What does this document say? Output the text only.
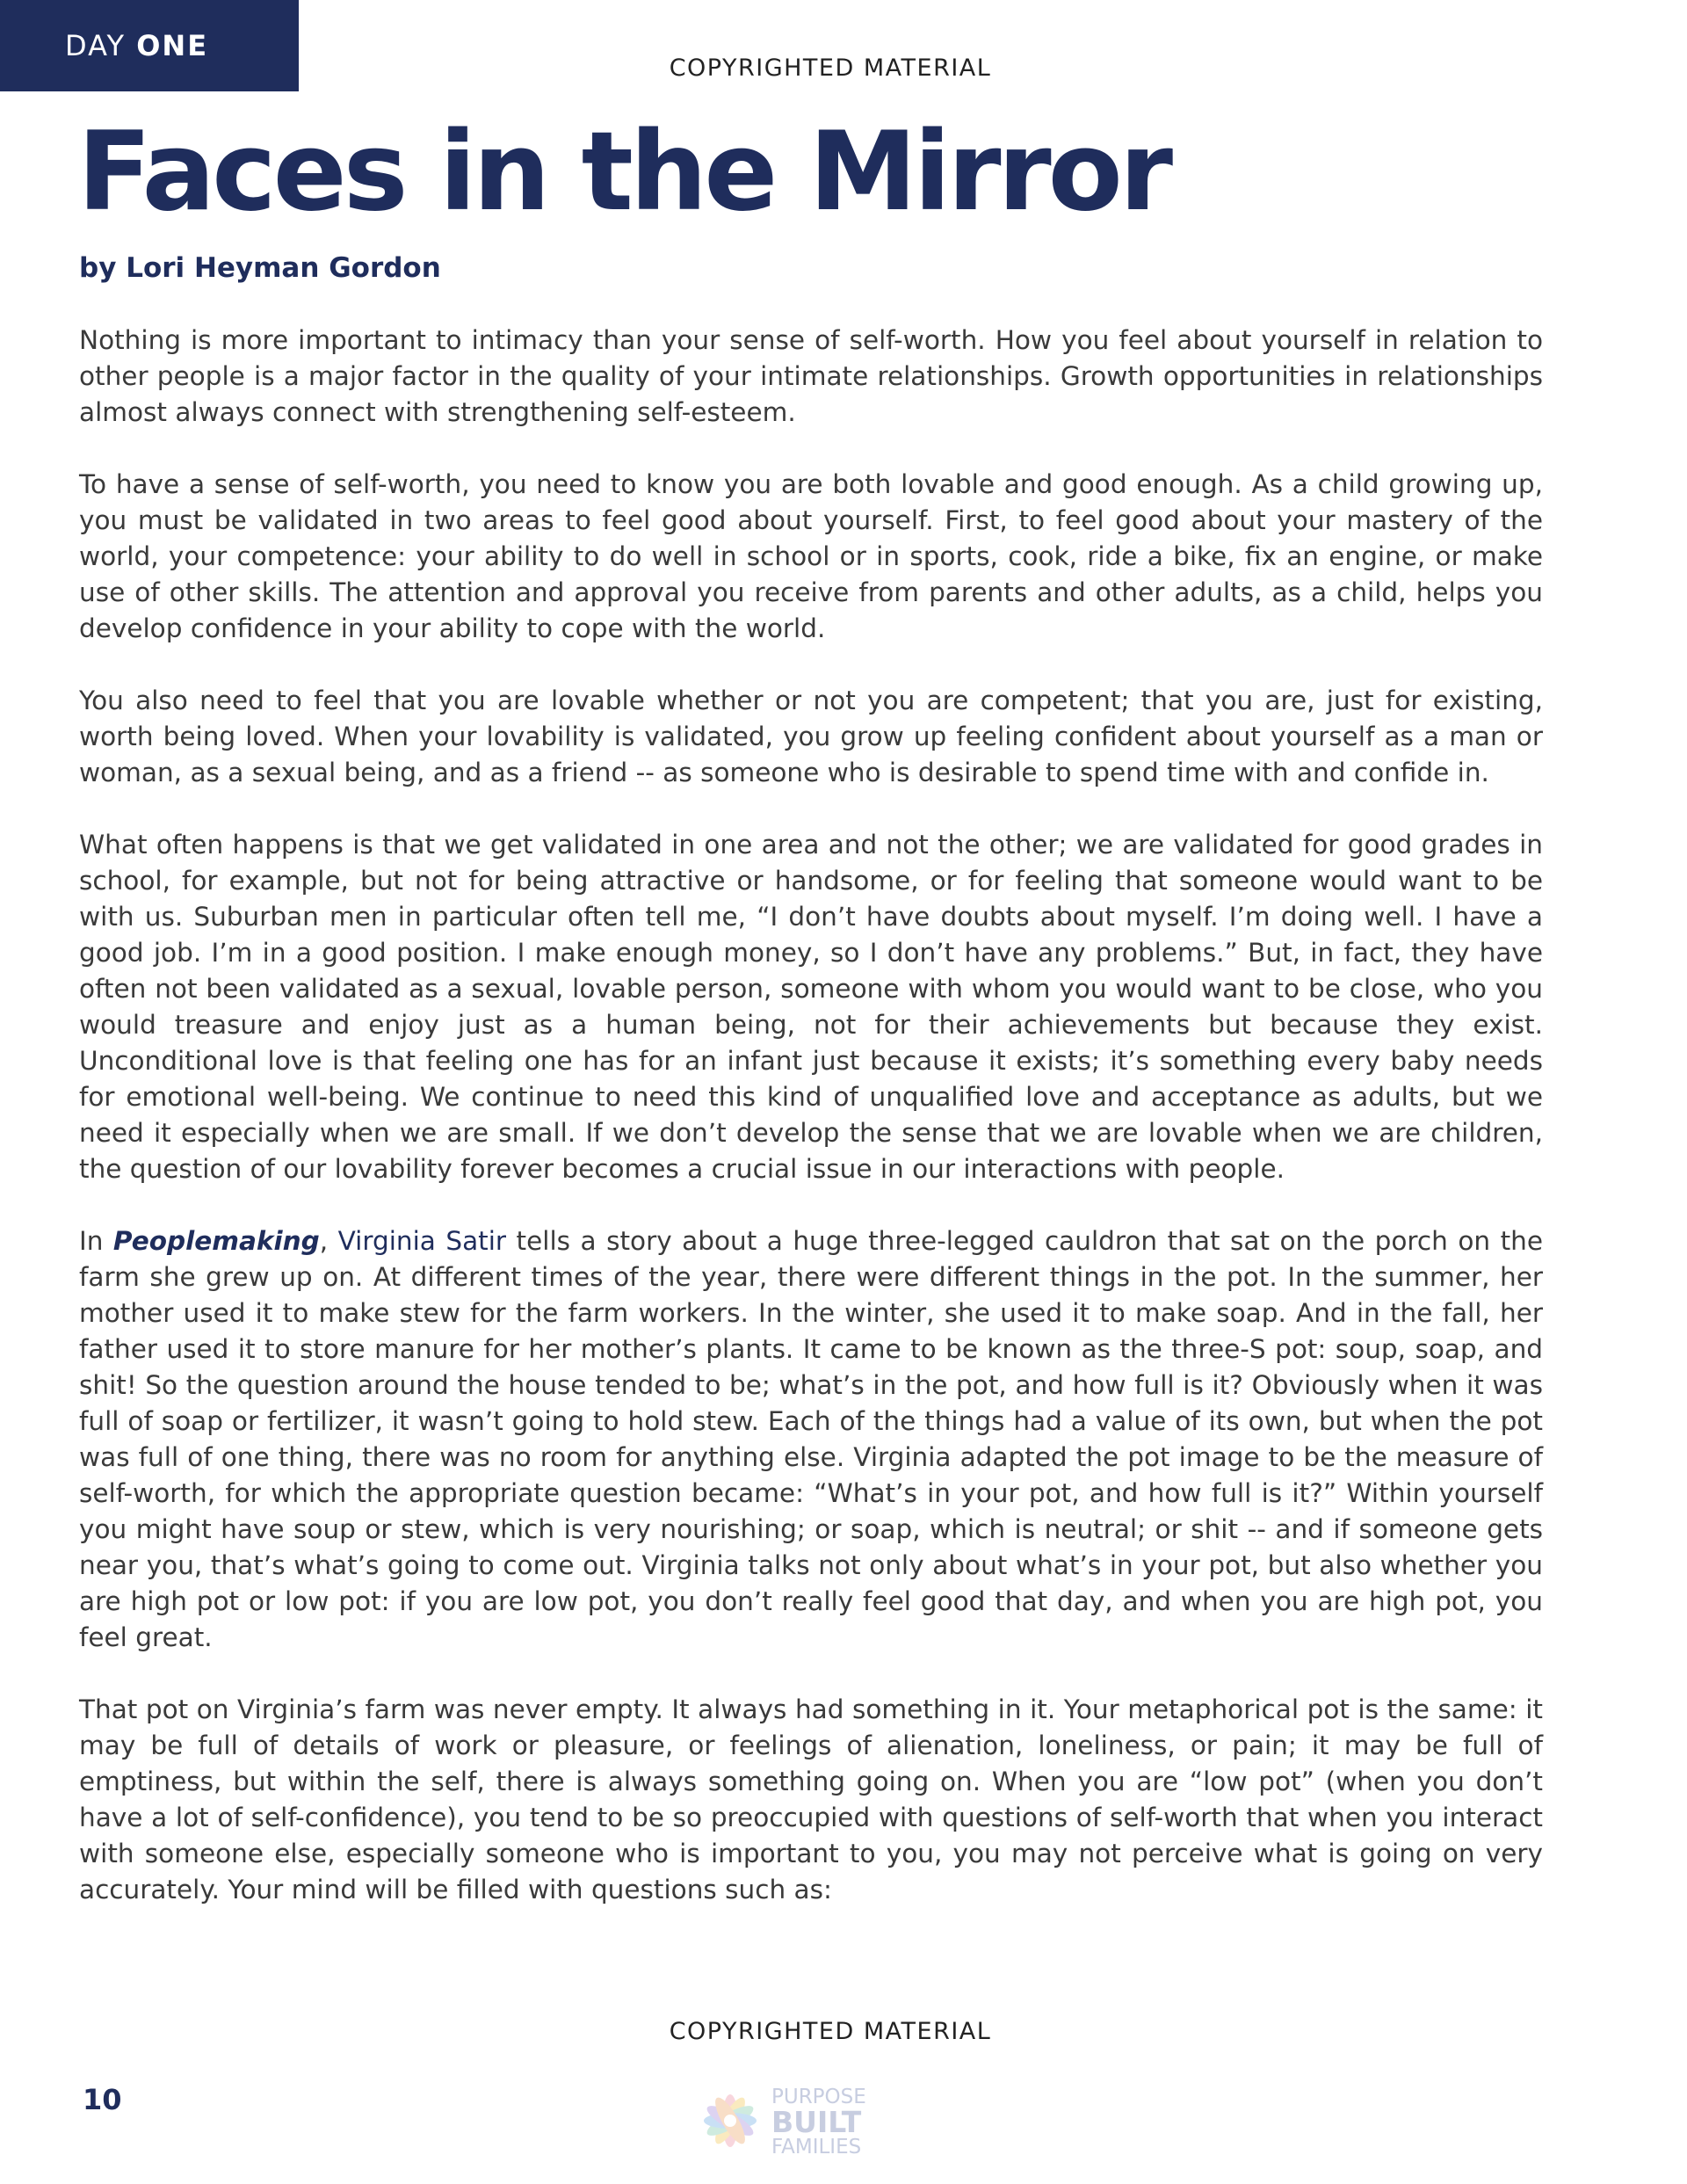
DAY ONE
COPYRIGHTED MATERIAL
Faces in the Mirror
by Lori Heyman Gordon

Nothing is more important to intimacy than your sense of self-worth. How you feel about yourself in relation to other people is a major factor in the quality of your intimate relationships. Growth opportunities in relationships almost always connect with strengthening self-esteem.

To have a sense of self-worth, you need to know you are both lovable and good enough. As a child growing up, you must be validated in two areas to feel good about yourself. First, to feel good about your mastery of the world, your competence: your ability to do well in school or in sports, cook, ride a bike, fix an engine, or make use of other skills. The attention and approval you receive from parents and other adults, as a child, helps you develop confidence in your ability to cope with the world.

You also need to feel that you are lovable whether or not you are competent; that you are, just for existing, worth being loved. When your lovability is validated, you grow up feeling confident about yourself as a man or woman, as a sexual being, and as a friend -- as someone who is desirable to spend time with and confide in.

What often happens is that we get validated in one area and not the other; we are validated for good grades in school, for example, but not for being attractive or handsome, or for feeling that someone would want to be with us. Suburban men in particular often tell me, “I don’t have doubts about myself. I’m doing well. I have a good job. I’m in a good position. I make enough money, so I don’t have any problems.” But, in fact, they have often not been validated as a sexual, lovable person, someone with whom you would want to be close, who you would treasure and enjoy just as a human being, not for their achievements but because they exist. Unconditional love is that feeling one has for an infant just because it exists; it’s something every baby needs for emotional well-being. We continue to need this kind of unqualified love and acceptance as adults, but we need it especially when we are small. If we don’t develop the sense that we are lovable when we are children, the question of our lovability forever becomes a crucial issue in our interactions with people.

In Peoplemaking, Virginia Satir tells a story about a huge three-legged cauldron that sat on the porch on the farm she grew up on. At different times of the year, there were different things in the pot. In the summer, her mother used it to make stew for the farm workers. In the winter, she used it to make soap. And in the fall, her father used it to store manure for her mother’s plants. It came to be known as the three-S pot: soup, soap, and shit! So the question around the house tended to be; what’s in the pot, and how full is it? Obviously when it was full of soap or fertilizer, it wasn’t going to hold stew. Each of the things had a value of its own, but when the pot was full of one thing, there was no room for anything else. Virginia adapted the pot image to be the measure of self-worth, for which the appropriate question became: “What’s in your pot, and how full is it?” Within yourself you might have soup or stew, which is very nourishing; or soap, which is neutral; or shit -- and if someone gets near you, that’s what’s going to come out. Virginia talks not only about what’s in your pot, but also whether you are high pot or low pot: if you are low pot, you don’t really feel good that day, and when you are high pot, you feel great.

That pot on Virginia’s farm was never empty. It always had something in it. Your metaphorical pot is the same: it may be full of details of work or pleasure, or feelings of alienation, loneliness, or pain; it may be full of emptiness, but within the self, there is always something going on. When you are “low pot” (when you don’t have a lot of self-confidence), you tend to be so preoccupied with questions of self-worth that when you interact with someone else, especially someone who is important to you, you may not perceive what is going on very accurately. Your mind will be filled with questions such as:

COPYRIGHTED MATERIAL
10	PURPOSE
BUILT
FAMILIES
